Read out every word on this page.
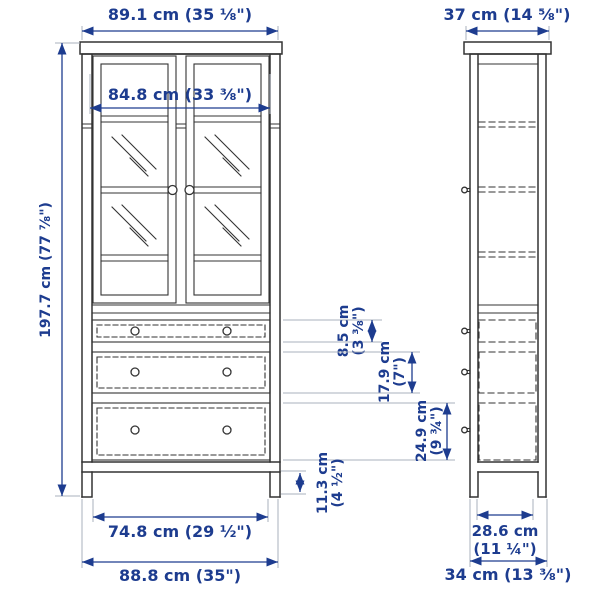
89.1 cm (35 ⅛")	37 cm (14 ⅝")
84.8 cm (33 ⅜")
197.7 cm (77 ⅞")	8.5 cm (3 ⅜")
17.9 cm (7")
24.9 cm (9 ¾")
11.3 cm (4 ½")
74.8 cm (29 ½")
88.8 cm (35")
28.6 cm
(11 ¼")
34 cm (13 ⅜")
